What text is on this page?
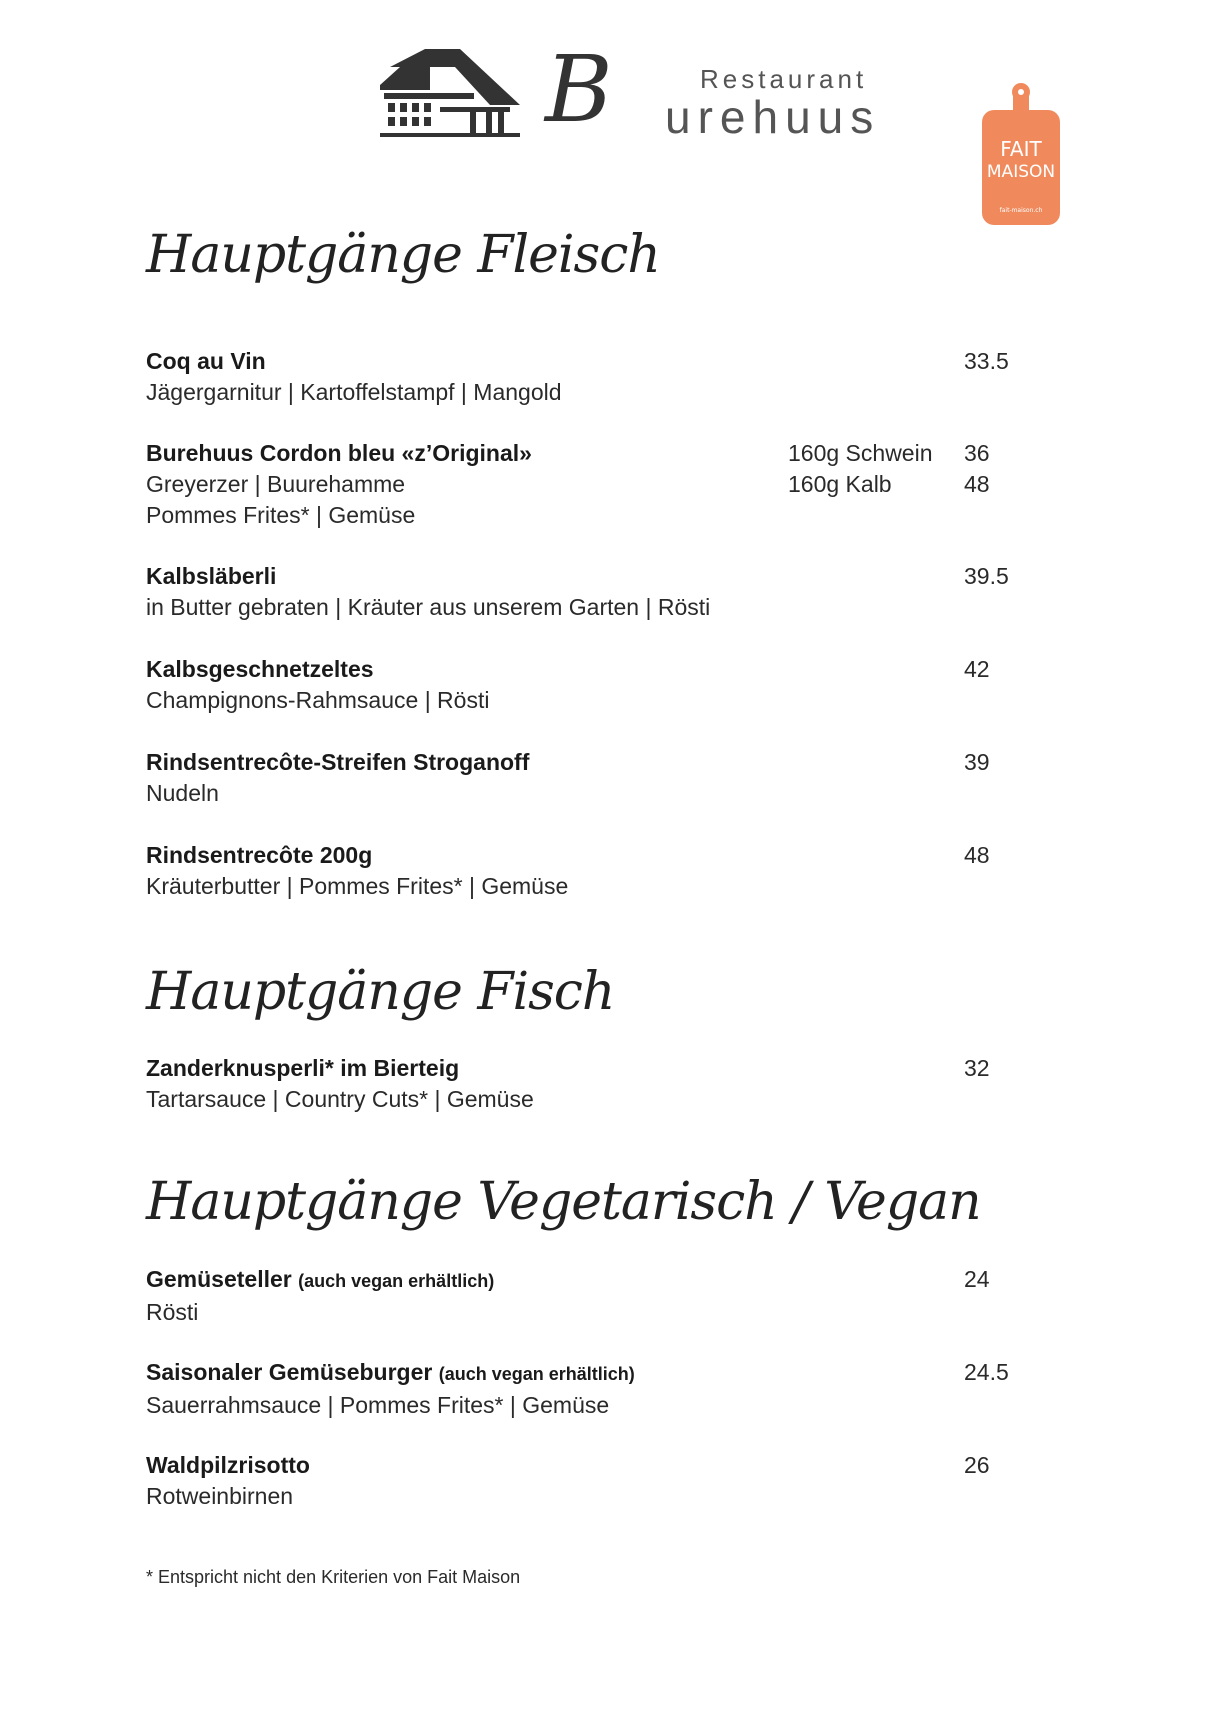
B	Restaurant
urehuus
FAIT
MAISON
fait-maison.ch
Hauptgänge Fleisch
Coq au Vin
Jägergarnitur | Kartoffelstampf | Mangold
33.5
Burehuus Cordon bleu «z’Original»
Greyerzer | Buurehamme
Pommes Frites* | Gemüse
160g Schwein 36
160g Kalb	48
Kalbsläberli
in Butter gebraten | Kräuter aus unserem Garten | Rösti
39.5
Kalbsgeschnetzeltes
Champignons-Rahmsauce | Rösti
42
Rindsentrecôte-Streifen Stroganoff
Nudeln
39
Rindsentrecôte 200g
Kräuterbutter | Pommes Frites* | Gemüse
48
Hauptgänge Fisch
Zanderknusperli* im Bierteig
Tartarsauce | Country Cuts* | Gemüse
32
Hauptgänge Vegetarisch / Vegan
Gemüseteller (auch vegan erhältlich)
Rösti
24
Saisonaler Gemüseburger (auch vegan erhältlich)
Sauerrahmsauce | Pommes Frites* | Gemüse
24.5
Waldpilzrisotto
Rotweinbirnen
26
* Entspricht nicht den Kriterien von Fait Maison
